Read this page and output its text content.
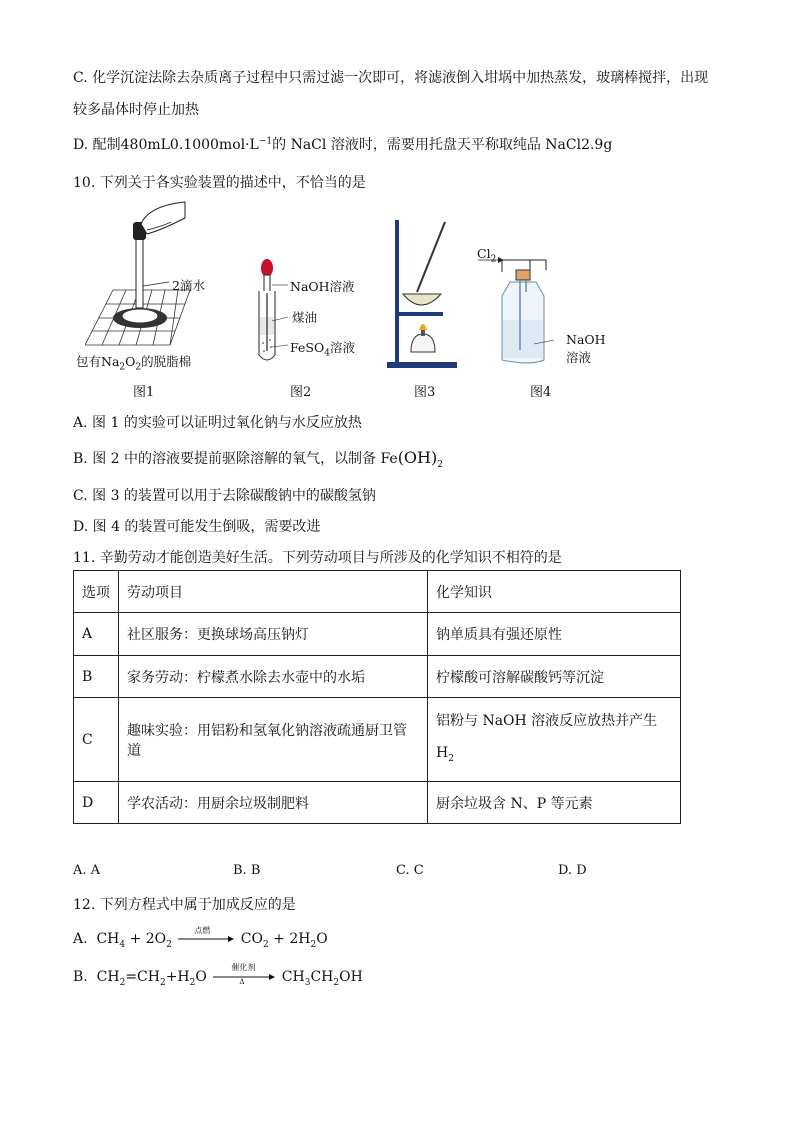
C. 化学沉淀法除去杂质离子过程中只需过滤一次即可，将滤液倒入坩埚中加热蒸发，玻璃棒搅拌，出现
较多晶体时停止加热
D. 配制$480mL0.1000mol\cdot L^{-1}$的 NaCl 溶液时，需要用托盘天平称取纯品 NaCl2.9g
10. 下列关于各实验装置的描述中，不恰当的是
2滴水
包有$Na_2O_2$的脱脂棉
图1
NaOH溶液
煤油
FeSO$_4$溶液
图2	图3
$Cl_2$
NaOH
溶液
图4
A. 图 1 的实验可以证明过氧化钠与水反应放热
B. 图 2 中的溶液要提前驱除溶解的氧气，以制备 $Fe(OH)_2$
C. 图 3 的装置可以用于去除碳酸钠中的碳酸氢钠
D. 图 4 的装置可能发生倒吸，需要改进
11. 辛勤劳动才能创造美好生活。下列劳动项目与所涉及的化学知识不相符的是
选项	劳动项目	化学知识
A	社区服务：更换球场高压钠灯	钠单质具有强还原性
B	家务劳动：柠檬煮水除去水壶中的水垢	柠檬酸可溶解碳酸钙等沉淀
C	趣味实验：用铝粉和氢氧化钠溶液疏通厨卫管道	铝粉与 NaOH 溶液反应放热并产生
$H_2$
D	学农活动：用厨余垃圾制肥料	厨余垃圾含 N、P 等元素
A. A	B. B	C. C	D. D
12. 下列方程式中属于加成反应的是
A. $CH_4 + 2O_2$
点燃
$CO_2 + 2H_2O$
B. $CH_2=CH_2+H_2O$
催化剂
Δ	$CH_3CH_2OH$
